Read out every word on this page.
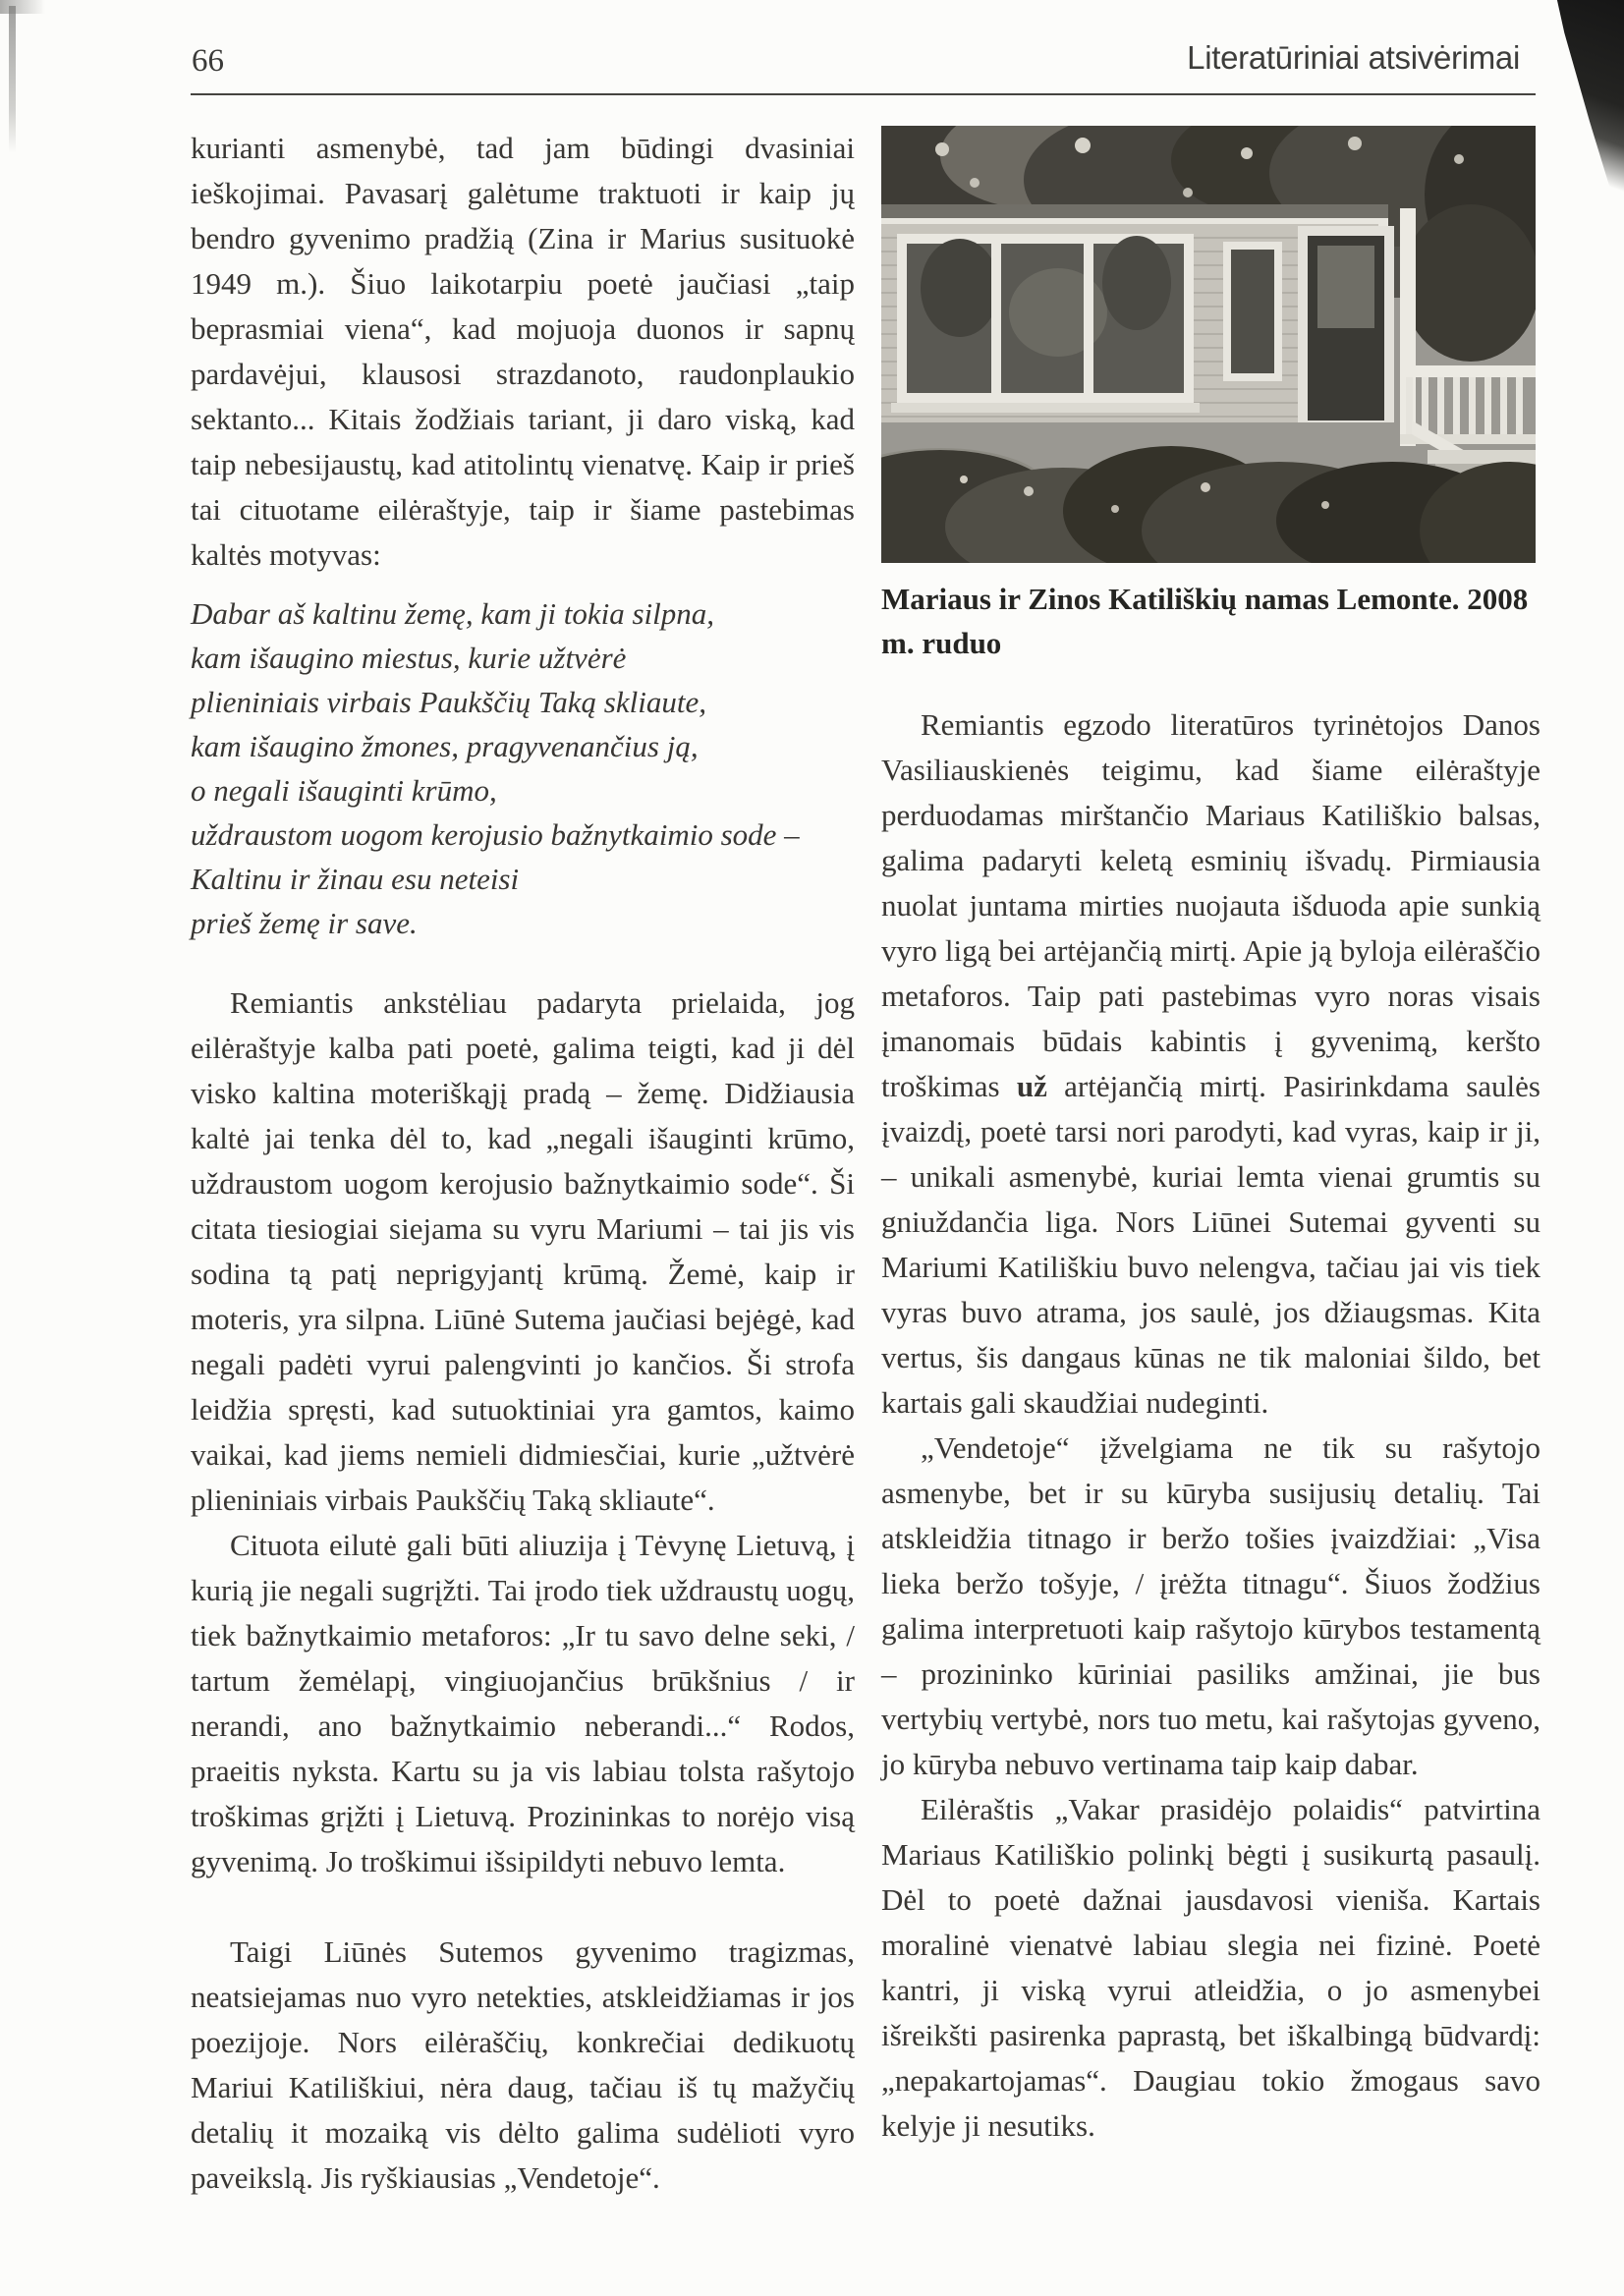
66	Literatūriniai atsivėrimai

kurianti asmenybė, tad jam būdingi dvasiniai ieškojimai. Pavasarį galėtume traktuoti ir kaip jų bendro gyvenimo pradžią (Zina ir Marius susituokė 1949 m.). Šiuo laikotarpiu poetė jaučiasi „taip beprasmiai viena“, kad mojuoja duonos ir sapnų pardavėjui, klausosi strazdanoto, raudonplaukio sektanto... Kitais žodžiais tariant, ji daro viską, kad taip nebesijaustų, kad atitolintų vienatvę. Kaip ir prieš tai cituotame eilėraštyje, taip ir šiame pastebimas kaltės motyvas:

Dabar aš kaltinu žemę, kam ji tokia silpna,
kam išaugino miestus, kurie užtvėrė
plieniniais virbais Paukščių Taką skliaute,
kam išaugino žmones, pragyvenančius ją,
o negali išauginti krūmo,
uždraustom uogom kerojusio bažnytkaimio sode –
Kaltinu ir žinau esu neteisi
prieš žemę ir save.

Remiantis ankstėliau padaryta prielaida, jog eilėraštyje kalba pati poetė, galima teigti, kad ji dėl visko kaltina moteriškąjį pradą – žemę. Didžiausia kaltė jai tenka dėl to, kad „negali išauginti krūmo, uždraustom uogom kerojusio bažnytkaimio sode“. Ši citata tiesiogiai siejama su vyru Mariumi – tai jis vis sodina tą patį neprigyjantį krūmą. Žemė, kaip ir moteris, yra silpna. Liūnė Sutema jaučiasi bejėgė, kad negali padėti vyrui palengvinti jo kančios. Ši strofa leidžia spręsti, kad sutuoktiniai yra gamtos, kaimo vaikai, kad jiems nemieli didmiesčiai, kurie „užtvėrė plieniniais virbais Paukščių Taką skliaute“.

Cituota eilutė gali būti aliuzija į Tėvynę Lietuvą, į kurią jie negali sugrįžti. Tai įrodo tiek uždraustų uogų, tiek bažnytkaimio metaforos: „Ir tu savo delne seki, / tartum žemėlapį, vingiuojančius brūkšnius / ir nerandi, ano bažnytkaimio neberandi...“ Rodos, praeitis nyksta. Kartu su ja vis labiau tolsta rašytojo troškimas grįžti į Lietuvą. Prozininkas to norėjo visą gyvenimą. Jo troškimui išsipildyti nebuvo lemta.

Taigi Liūnės Sutemos gyvenimo tragizmas, neatsiejamas nuo vyro netekties, atskleidžiamas ir jos poezijoje. Nors eilėraščių, konkrečiai dedikuotų Mariui Katiliškiui, nėra daug, tačiau iš tų mažyčių detalių it mozaiką vis dėlto galima sudėlioti vyro paveikslą. Jis ryškiausias „Vendetoje“.

Mariaus ir Zinos Katiliškių namas Lemonte. 2008 m. ruduo

Remiantis egzodo literatūros tyrinėtojos Danos Vasiliauskienės teigimu, kad šiame eilėraštyje perduodamas mirštančio Mariaus Katiliškio balsas, galima padaryti keletą esminių išvadų. Pirmiausia nuolat juntama mirties nuojauta išduoda apie sunkią vyro ligą bei artėjančią mirtį. Apie ją byloja eilėraščio metaforos. Taip pati pastebimas vyro noras visais įmanomais būdais kabintis į gyvenimą, keršto troškimas už artėjančią mirtį. Pasirinkdama saulės įvaizdį, poetė tarsi nori parodyti, kad vyras, kaip ir ji, – unikali asmenybė, kuriai lemta vienai grumtis su gniuždančia liga. Nors Liūnei Sutemai gyventi su Mariumi Katiliškiu buvo nelengva, tačiau jai vis tiek vyras buvo atrama, jos saulė, jos džiaugsmas. Kita vertus, šis dangaus kūnas ne tik maloniai šildo, bet kartais gali skaudžiai nudeginti.

„Vendetoje“ įžvelgiama ne tik su rašytojo asmenybe, bet ir su kūryba susijusių detalių. Tai atskleidžia titnago ir beržo tošies įvaizdžiai: „Visa lieka beržo tošyje, / įrėžta titnagu“. Šiuos žodžius galima interpretuoti kaip rašytojo kūrybos testamentą – prozininko kūriniai pasiliks amžinai, jie bus vertybių vertybė, nors tuo metu, kai rašytojas gyveno, jo kūryba nebuvo vertinama taip kaip dabar.

Eilėraštis „Vakar prasidėjo polaidis“ patvirtina Mariaus Katiliškio polinkį bėgti į susikurtą pasaulį. Dėl to poetė dažnai jausdavosi vieniša. Kartais moralinė vienatvė labiau slegia nei fizinė. Poetė kantri, ji viską vyrui atleidžia, o jo asmenybei išreikšti pasirenka paprastą, bet iškalbingą būdvardį: „nepakartojamas“. Daugiau tokio žmogaus savo kelyje ji nesutiks.
